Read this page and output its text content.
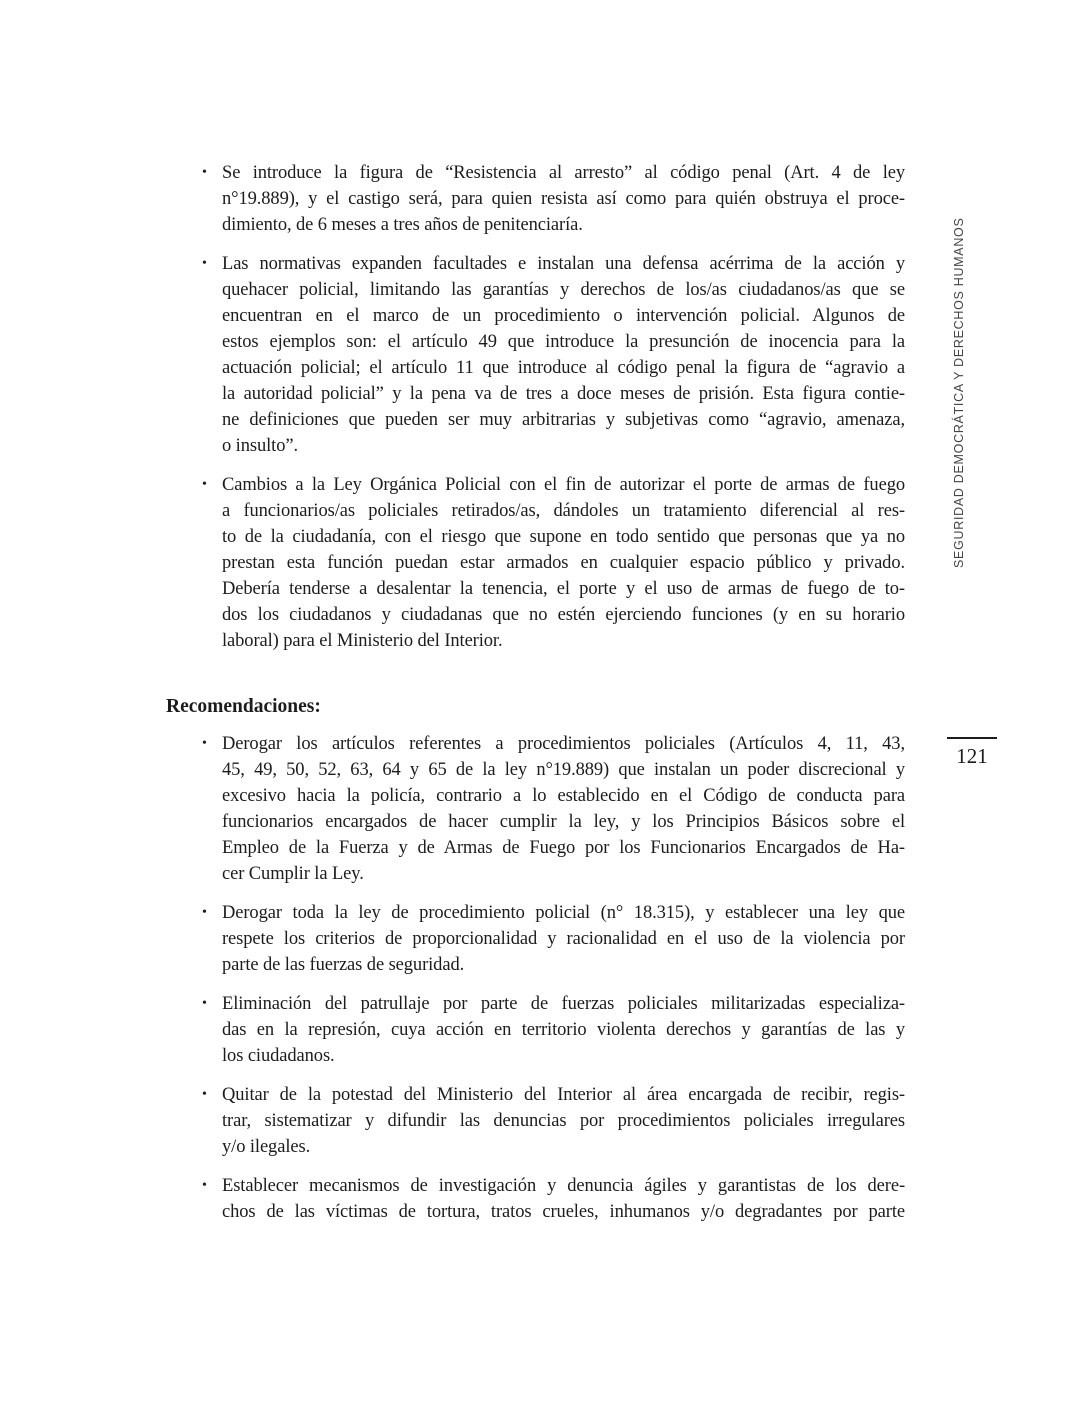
• Se introduce la figura de “Resistencia al arresto” al código penal (Art. 4 de ley
n°19.889), y el castigo será, para quien resista así como para quién obstruya el proce-
dimiento, de 6 meses a tres años de penitenciaría.
• Las normativas expanden facultades e instalan una defensa acérrima de la acción y
quehacer policial, limitando las garantías y derechos de los/as ciudadanos/as que se
encuentran en el marco de un procedimiento o intervención policial. Algunos de
estos ejemplos son: el artículo 49 que introduce la presunción de inocencia para la
actuación policial; el artículo 11 que introduce al código penal la figura de “agravio a
la autoridad policial” y la pena va de tres a doce meses de prisión. Esta figura contie-
ne definiciones que pueden ser muy arbitrarias y subjetivas como “agravio, amenaza,
o insulto”.
• Cambios a la Ley Orgánica Policial con el fin de autorizar el porte de armas de fuego
a funcionarios/as policiales retirados/as, dándoles un tratamiento diferencial al res-
to de la ciudadanía, con el riesgo que supone en todo sentido que personas que ya no
prestan esta función puedan estar armados en cualquier espacio público y privado.
Debería tenderse a desalentar la tenencia, el porte y el uso de armas de fuego de to-
dos los ciudadanos y ciudadanas que no estén ejerciendo funciones (y en su horario
laboral) para el Ministerio del Interior.
Recomendaciones:
• Derogar los artículos referentes a procedimientos policiales (Artículos 4, 11, 43,
45, 49, 50, 52, 63, 64 y 65 de la ley n°19.889) que instalan un poder discrecional y
excesivo hacia la policía, contrario a lo establecido en el Código de conducta para
funcionarios encargados de hacer cumplir la ley, y los Principios Básicos sobre el
Empleo de la Fuerza y de Armas de Fuego por los Funcionarios Encargados de Ha-
cer Cumplir la Ley.
• Derogar toda la ley de procedimiento policial (n° 18.315), y establecer una ley que
respete los criterios de proporcionalidad y racionalidad en el uso de la violencia por
parte de las fuerzas de seguridad.
• Eliminación del patrullaje por parte de fuerzas policiales militarizadas especializa-
das en la represión, cuya acción en territorio violenta derechos y garantías de las y
los ciudadanos.
• Quitar de la potestad del Ministerio del Interior al área encargada de recibir, regis-
trar, sistematizar y difundir las denuncias por procedimientos policiales irregulares
y/o ilegales.
• Establecer mecanismos de investigación y denuncia ágiles y garantistas de los dere-
chos de las víctimas de tortura, tratos crueles, inhumanos y/o degradantes por parte
SEGURIDAD DEMOCRÁTICA Y DERECHOS HUMANOS
121
